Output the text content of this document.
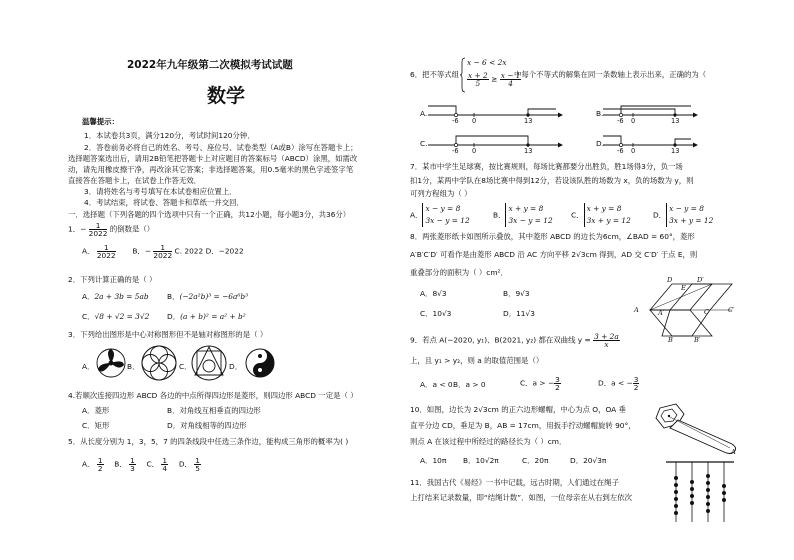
2022年九年级第二次模拟考试试题
数学
温馨提示：
1．本试卷共3页，满分120分，考试时间120分钟．
2．答卷前务必将自己的姓名、考号、座位号、试卷类型（A或B）涂写在答题卡上；
选择题答案选出后，请用2B铅笔把答题卡上对应题目的答案标号（ABCD）涂黑，如需改
动，请先用橡皮擦干净，再改涂其它答案；非选择题答案，用0.5毫米的黑色字迹签字笔
直接答在答题卡上，在试卷上作答无效．
3．请将姓名与考号填写在本试卷相应位置上．
4．考试结束，将试卷、答题卡和草纸一并交回．
一．选择题（下列各题的四个选项中只有一个正确，共12小题，每小题3分，共36分）
1．− $\frac{1}{2022}$ 的倒数是（）
A． $\frac{1}{2022}$ B．− $\frac{1}{2022} C$. 2022 D．−2022
2．下列计算正确的是（ ）
A．2a + 3b = 5ab B．(−2a²b)³ = −6a⁶b³
C．√8 + √2 = 3√2 D．(a + b)² = a² + b²
3．下列给出图形是中心对称图形但不是轴对称图形的是（ ）
A．	B．	C．	D．
4.若顺次连接四边形 ABCD 各边的中点所得四边形是菱形，则四边形 ABCD 一定是（ ）
A．菱形	B．对角线互相垂直的四边形
C．矩形	D．对角线相等的四边形
5．从长度分别为 1，3，5，7 的四条线段中任选三条作边，能构成三角形的概率为( )
A． $\frac{1}{2}$ B． $\frac{1}{3}$ C． $\frac{1}{4}$ D． $\frac{1}{5}$
6．把不等式组
x − 6 < 2x
$\frac{x + 2}{5} \ge \frac{x - 1}{4}$
中每个不等式的解集在同一条数轴上表示出来，正确的为（
A.	B.
C.	D.
-6 0	13	-6 0	13
-6 0	13	-6 0	13
7．某市中学生足球赛，按比赛规则，每场比赛都要分出胜负，胜1场得3分，负一场
扣1分，某两中学队在8场比赛中得到12分，若设该队胜的场数为 x，负的场数为 y，则
可列方程组为（ ）
A．x − y = 8
3x − y = 12
B．x + y = 8
3x − y = 12
C．x + y = 8
3x + y = 12
D．x − y = 8
3x + y = 12
8．两张菱形纸卡如图所示叠放，其中菱形 ABCD 的边长为6cm，∠BAD = 60°，菱形
A′B′C′D′ 可看作是由菱形 ABCD 沿 AC 方向平移 2√3cm 得到，AD 交 C′D′ 于点 E，则
重叠部分的面积为（ ）cm²．
A．8√3	B．9√3
C．10√3	D．11√3
D
E
D′
A	A′	C	C′
B	B′
9．若点 A(−2020, y₁)、B(2021, y₂) 都在双曲线 $y = \frac{3 + 2a}{x}$
上，且 y₁ > y₂，则 a 的取值范围是（）
A．a < 0 B．a > 0	C．a > − $\frac{3}{2}$	D．a < − $\frac{3}{2}$
10．如图，边长为 2√3cm 的正六边形螺帽，中心为点 O，OA 垂
直平分边 CD，垂足为 B，AB = 17cm，用扳手拧动螺帽旋转 90°，
则点 A 在该过程中所经过的路径长为（ ）cm．
A．10π B．10√2π	C．20π	D．20√3π
A
11．我国古代《易经》一书中记载，远古时期，人们通过在绳子
上打结来记录数量，即“结绳计数”．如图，一位母亲在从右到左依次
